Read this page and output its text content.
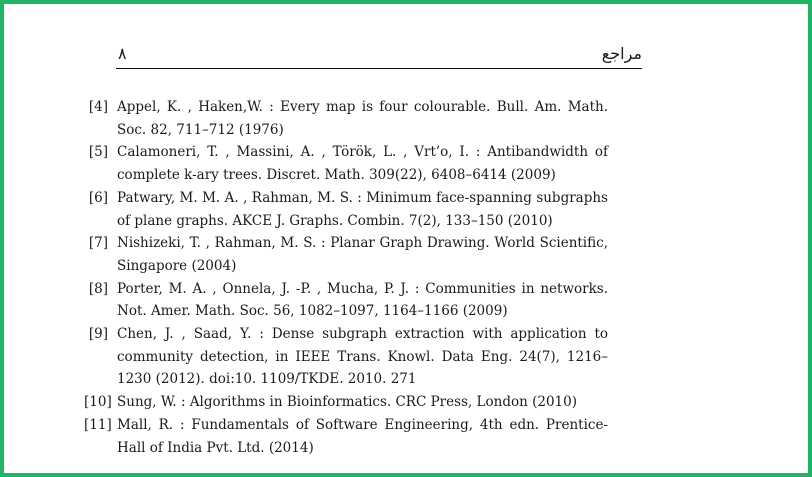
٨	مراجع
[4] Appel, K. , Haken,W. : Every map is four colourable. Bull. Am. Math. Soc. 82, 711–712 (1976)
[5] Calamoneri, T. , Massini, A. , Török, L. , Vrt’o, I. : Antibandwidth of complete k-ary trees. Discret. Math. 309(22), 6408–6414 (2009)
[6] Patwary, M. M. A. , Rahman, M. S. : Minimum face-spanning subgraphs of plane graphs. AKCE J. Graphs. Combin. 7(2), 133–150 (2010)
[7] Nishizeki, T. , Rahman, M. S. : Planar Graph Drawing. World Scientific, Singapore (2004)
[8] Porter, M. A. , Onnela, J. -P. , Mucha, P. J. : Communities in networks. Not. Amer. Math. Soc. 56, 1082–1097, 1164–1166 (2009)
[9] Chen, J. , Saad, Y. : Dense subgraph extraction with application to community detection, in IEEE Trans. Knowl. Data Eng. 24(7), 1216–1230 (2012). doi:10. 1109/TKDE. 2010. 271
[10] Sung, W. : Algorithms in Bioinformatics. CRC Press, London (2010)
[11] Mall, R. : Fundamentals of Software Engineering, 4th edn. Prentice-Hall of India Pvt. Ltd. (2014)
